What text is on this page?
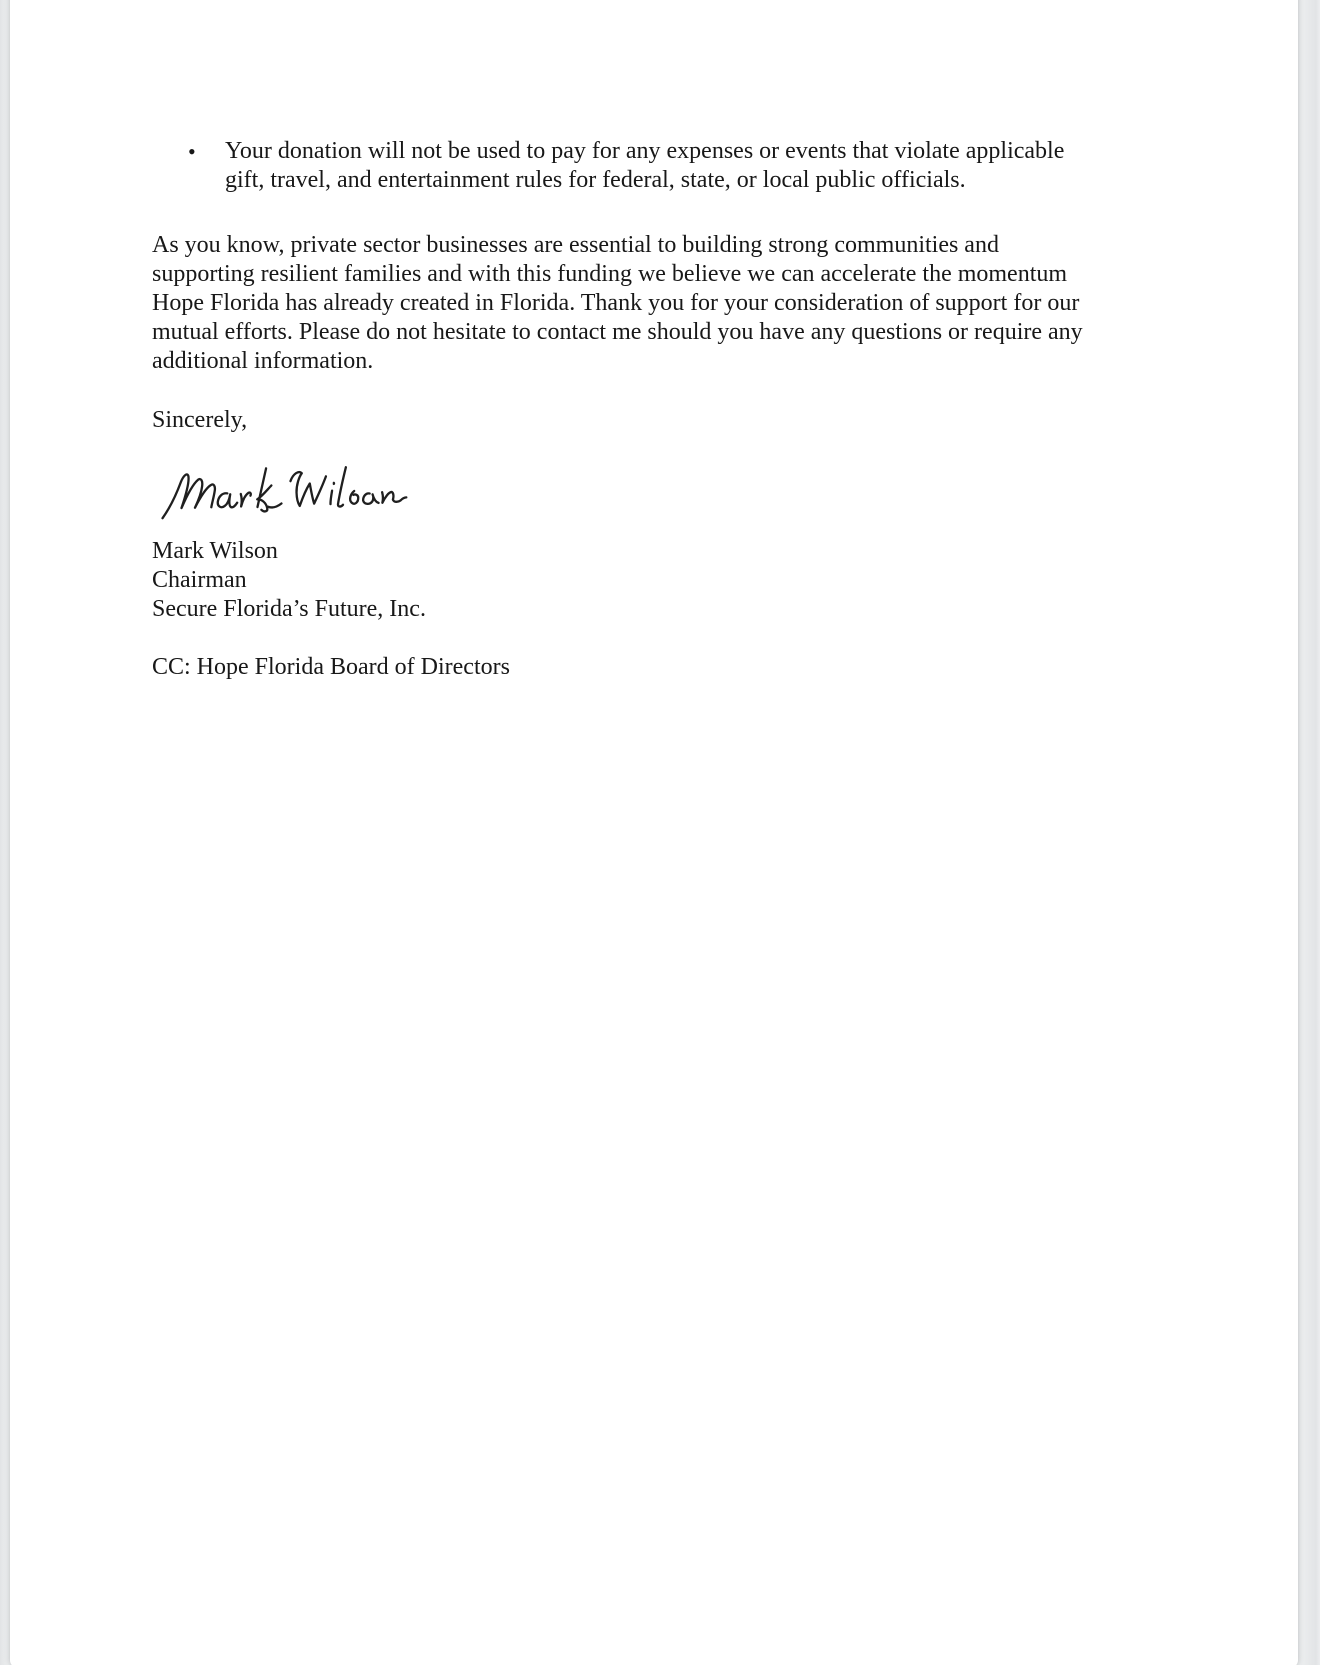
•	Your donation will not be used to pay for any expenses or events that violate applicable
gift, travel, and entertainment rules for federal, state, or local public officials.
As you know, private sector businesses are essential to building strong communities and
supporting resilient families and with this funding we believe we can accelerate the momentum
Hope Florida has already created in Florida. Thank you for your consideration of support for our
mutual efforts. Please do not hesitate to contact me should you have any questions or require any
additional information.
Sincerely,
Mark Wilson
Chairman
Secure Florida’s Future, Inc.
CC: Hope Florida Board of Directors
